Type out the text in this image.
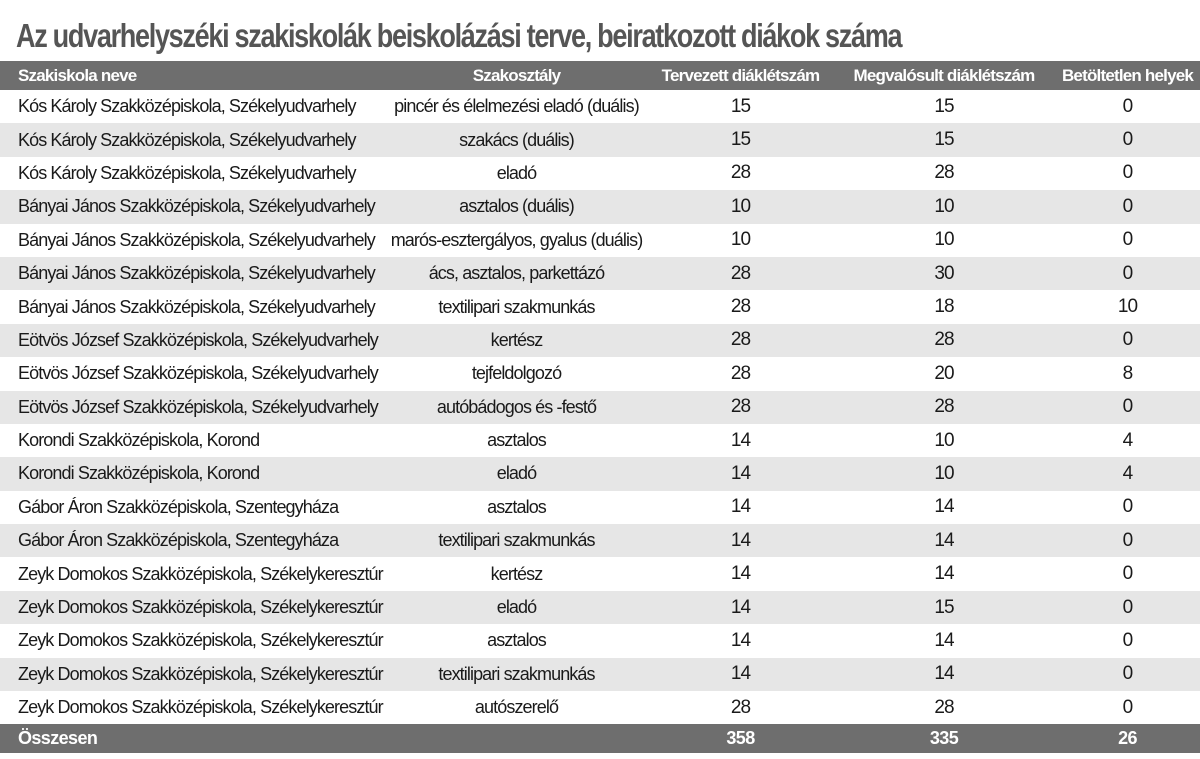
Az udvarhelyszéki szakiskolák beiskolázási terve, beiratkozott diákok száma
Szakiskola neve	Szakosztály	Tervezett diáklétszám	Megvalósult diáklétszám	Betöltetlen helyek
Kós Károly Szakközépiskola, Székelyudvarhely	pincér és élelmezési eladó (duális)	15	15	0
Kós Károly Szakközépiskola, Székelyudvarhely	szakács (duális)	15	15	0
Kós Károly Szakközépiskola, Székelyudvarhely	eladó	28	28	0
Bányai János Szakközépiskola, Székelyudvarhely	asztalos (duális)	10	10	0
Bányai János Szakközépiskola, Székelyudvarhely	marós-esztergályos, gyalus (duális)	10	10	0
Bányai János Szakközépiskola, Székelyudvarhely	ács, asztalos, parkettázó	28	30	0
Bányai János Szakközépiskola, Székelyudvarhely	textilipari szakmunkás	28	18	10
Eötvös József Szakközépiskola, Székelyudvarhely	kertész	28	28	0
Eötvös József Szakközépiskola, Székelyudvarhely	tejfeldolgozó	28	20	8
Eötvös József Szakközépiskola, Székelyudvarhely	autóbádogos és -festő	28	28	0
Korondi Szakközépiskola, Korond	asztalos	14	10	4
Korondi Szakközépiskola, Korond	eladó	14	10	4
Gábor Áron Szakközépiskola, Szentegyháza	asztalos	14	14	0
Gábor Áron Szakközépiskola, Szentegyháza	textilipari szakmunkás	14	14	0
Zeyk Domokos Szakközépiskola, Székelykeresztúr	kertész	14	14	0
Zeyk Domokos Szakközépiskola, Székelykeresztúr	eladó	14	15	0
Zeyk Domokos Szakközépiskola, Székelykeresztúr	asztalos	14	14	0
Zeyk Domokos Szakközépiskola, Székelykeresztúr	textilipari szakmunkás	14	14	0
Zeyk Domokos Szakközépiskola, Székelykeresztúr	autószerelő	28	28	0
Összesen		358	335	26
